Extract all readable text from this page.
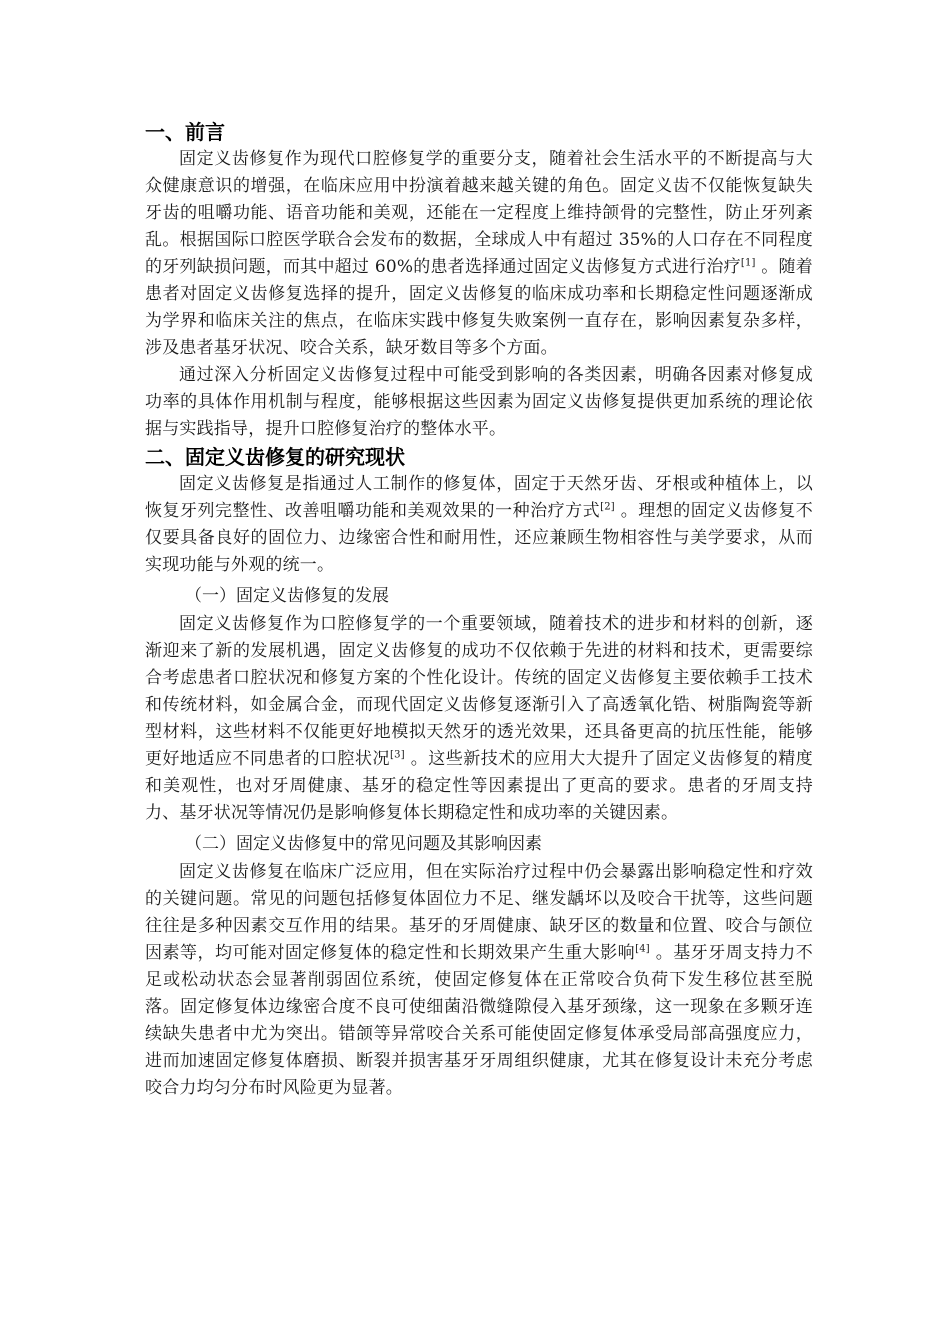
一、前言

固定义齿修复作为现代口腔修复学的重要分支，随着社会生活水平的不断提高与大众健康意识的增强，在临床应用中扮演着越来越关键的角色。固定义齿不仅能恢复缺失牙齿的咀嚼功能、语音功能和美观，还能在一定程度上维持颌骨的完整性，防止牙列紊乱。根据国际口腔医学联合会发布的数据，全球成人中有超过 35%的人口存在不同程度的牙列缺损问题，而其中超过 60%的患者选择通过固定义齿修复方式进行治疗[1] 。随着患者对固定义齿修复选择的提升，固定义齿修复的临床成功率和长期稳定性问题逐渐成为学界和临床关注的焦点，在临床实践中修复失败案例一直存在，影响因素复杂多样，涉及患者基牙状况、咬合关系，缺牙数目等多个方面。

通过深入分析固定义齿修复过程中可能受到影响的各类因素，明确各因素对修复成功率的具体作用机制与程度，能够根据这些因素为固定义齿修复提供更加系统的理论依据与实践指导，提升口腔修复治疗的整体水平。

二、固定义齿修复的研究现状

固定义齿修复是指通过人工制作的修复体，固定于天然牙齿、牙根或种植体上，以恢复牙列完整性、改善咀嚼功能和美观效果的一种治疗方式[2] 。理想的固定义齿修复不仅要具备良好的固位力、边缘密合性和耐用性，还应兼顾生物相容性与美学要求，从而实现功能与外观的统一。

（一）固定义齿修复的发展

固定义齿修复作为口腔修复学的一个重要领域，随着技术的进步和材料的创新，逐渐迎来了新的发展机遇，固定义齿修复的成功不仅依赖于先进的材料和技术，更需要综合考虑患者口腔状况和修复方案的个性化设计。传统的固定义齿修复主要依赖手工技术和传统材料，如金属合金，而现代固定义齿修复逐渐引入了高透氧化锆、树脂陶瓷等新型材料，这些材料不仅能更好地模拟天然牙的透光效果，还具备更高的抗压性能，能够更好地适应不同患者的口腔状况[3] 。这些新技术的应用大大提升了固定义齿修复的精度和美观性，也对牙周健康、基牙的稳定性等因素提出了更高的要求。患者的牙周支持力、基牙状况等情况仍是影响修复体长期稳定性和成功率的关键因素。

（二）固定义齿修复中的常见问题及其影响因素

固定义齿修复在临床广泛应用，但在实际治疗过程中仍会暴露出影响稳定性和疗效的关键问题。常见的问题包括修复体固位力不足、继发龋坏以及咬合干扰等，这些问题往往是多种因素交互作用的结果。基牙的牙周健康、缺牙区的数量和位置、咬合与颌位因素等，均可能对固定修复体的稳定性和长期效果产生重大影响[4] 。基牙牙周支持力不足或松动状态会显著削弱固位系统，使固定修复体在正常咬合负荷下发生移位甚至脱落。固定修复体边缘密合度不良可使细菌沿微缝隙侵入基牙颈缘，这一现象在多颗牙连续缺失患者中尤为突出。错颌等异常咬合关系可能使固定修复体承受局部高强度应力，进而加速固定修复体磨损、断裂并损害基牙牙周组织健康，尤其在修复设计未充分考虑咬合力均匀分布时风险更为显著。
